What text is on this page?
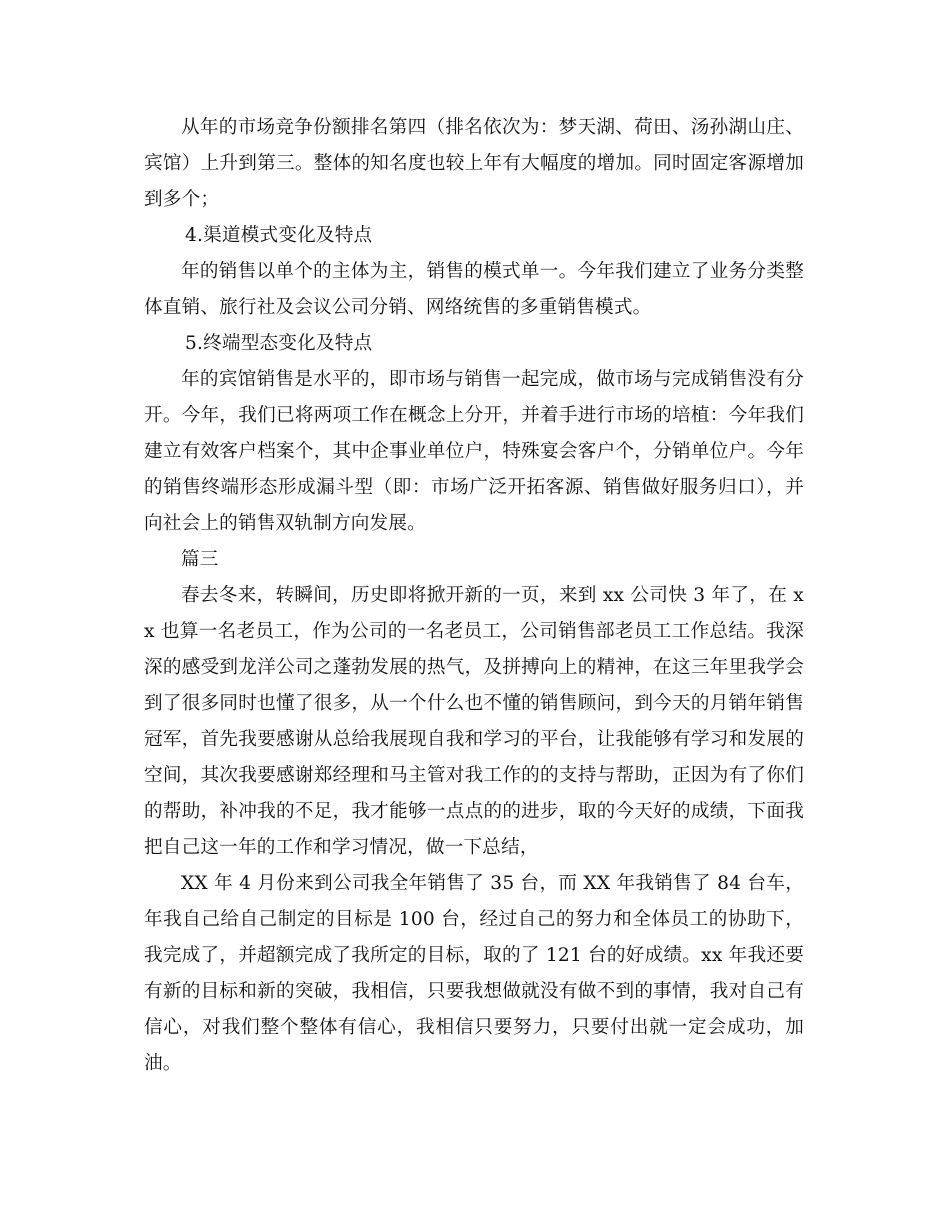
从年的市场竞争份额排名第四（排名依次为：梦天湖、荷田、汤孙湖山庄、宾馆）上升到第三。整体的知名度也较上年有大幅度的增加。同时固定客源增加到多个；

4.渠道模式变化及特点

年的销售以单个的主体为主，销售的模式单一。今年我们建立了业务分类整体直销、旅行社及会议公司分销、网络统售的多重销售模式。

5.终端型态变化及特点

年的宾馆销售是水平的，即市场与销售一起完成，做市场与完成销售没有分开。今年，我们已将两项工作在概念上分开，并着手进行市场的培植：今年我们建立有效客户档案个，其中企事业单位户，特殊宴会客户个，分销单位户。今年的销售终端形态形成漏斗型（即：市场广泛开拓客源、销售做好服务归口），并向社会上的销售双轨制方向发展。

篇三

春去冬来，转瞬间，历史即将掀开新的一页，来到 xx 公司快 3 年了，在 xx 也算一名老员工，作为公司的一名老员工，公司销售部老员工工作总结。我深深的感受到龙洋公司之蓬勃发展的热气，及拼搏向上的精神，在这三年里我学会到了很多同时也懂了很多，从一个什么也不懂的销售顾问，到今天的月销年销售冠军，首先我要感谢从总给我展现自我和学习的平台，让我能够有学习和发展的空间，其次我要感谢郑经理和马主管对我工作的的支持与帮助，正因为有了你们的帮助，补冲我的不足，我才能够一点点的的进步，取的今天好的成绩，下面我把自己这一年的工作和学习情况，做一下总结，

XX 年 4 月份来到公司我全年销售了 35 台，而 XX 年我销售了 84 台车，年我自己给自己制定的目标是 100 台，经过自己的努力和全体员工的协助下，我完成了，并超额完成了我所定的目标，取的了 121 台的好成绩。xx 年我还要有新的目标和新的突破，我相信，只要我想做就没有做不到的事情，我对自己有信心，对我们整个整体有信心，我相信只要努力，只要付出就一定会成功，加油。
